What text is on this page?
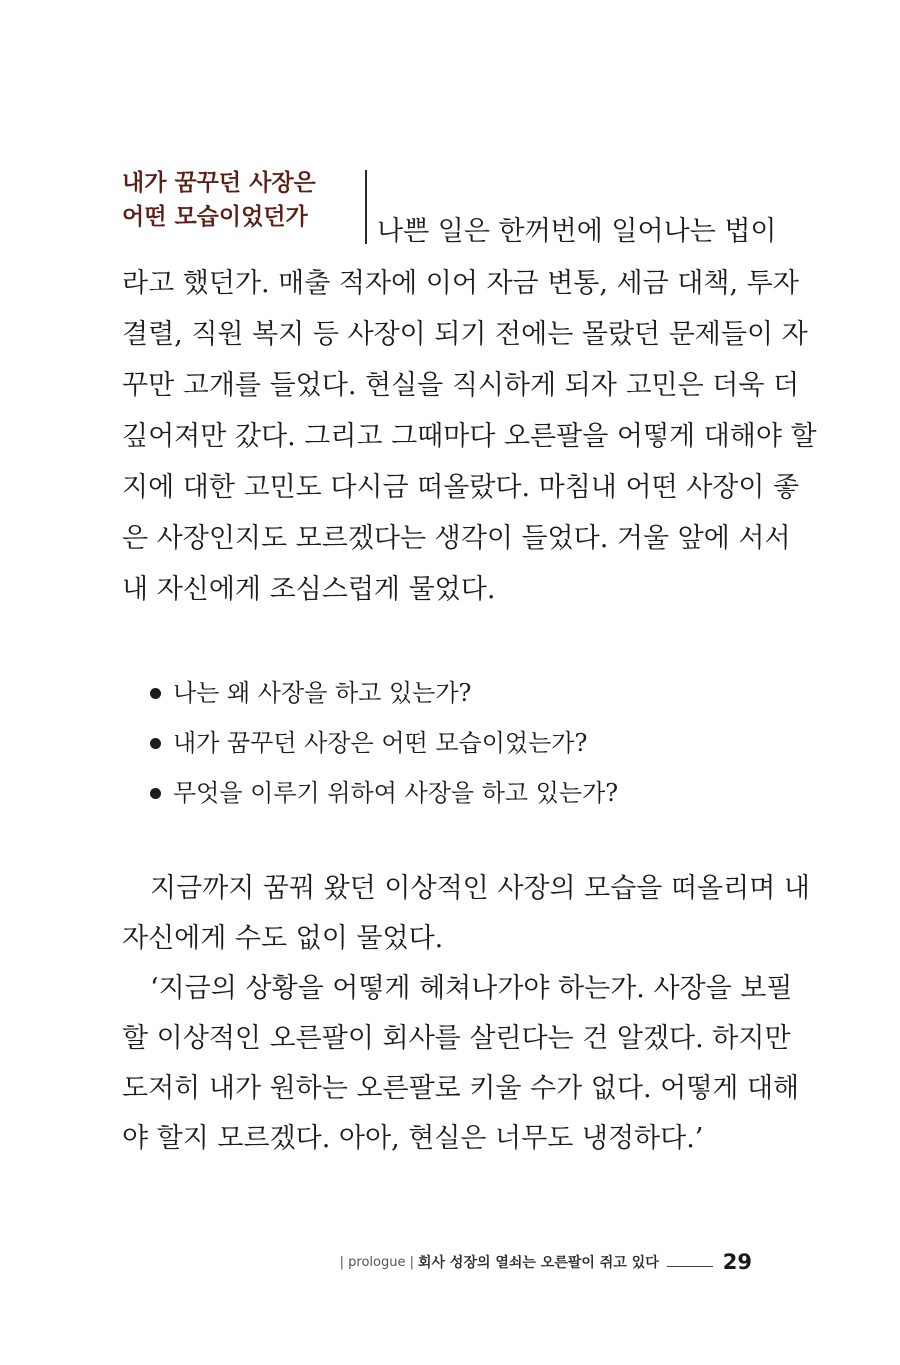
내가 꿈꾸던 사장은
어떤 모습이었던가	나쁜 일은 한꺼번에 일어나는 법이
라고 했던가. 매출 적자에 이어 자금 변통, 세금 대책, 투자
결렬, 직원 복지 등 사장이 되기 전에는 몰랐던 문제들이 자
꾸만 고개를 들었다. 현실을 직시하게 되자 고민은 더욱 더
깊어져만 갔다. 그리고 그때마다 오른팔을 어떻게 대해야 할
지에 대한 고민도 다시금 떠올랐다. 마침내 어떤 사장이 좋
은 사장인지도 모르겠다는 생각이 들었다. 거울 앞에 서서
내 자신에게 조심스럽게 물었다.
나는 왜 사장을 하고 있는가?
내가 꿈꾸던 사장은 어떤 모습이었는가?
무엇을 이루기 위하여 사장을 하고 있는가?
지금까지 꿈꿔 왔던 이상적인 사장의 모습을 떠올리며 내
자신에게 수도 없이 물었다.
‘지금의 상황을 어떻게 헤쳐나가야 하는가. 사장을 보필
할 이상적인 오른팔이 회사를 살린다는 건 알겠다. 하지만
도저히 내가 원하는 오른팔로 키울 수가 없다. 어떻게 대해
야 할지 모르겠다. 아아, 현실은 너무도 냉정하다.’
| prologue | 회사 성장의 열쇠는 오른팔이 쥐고 있다	29
